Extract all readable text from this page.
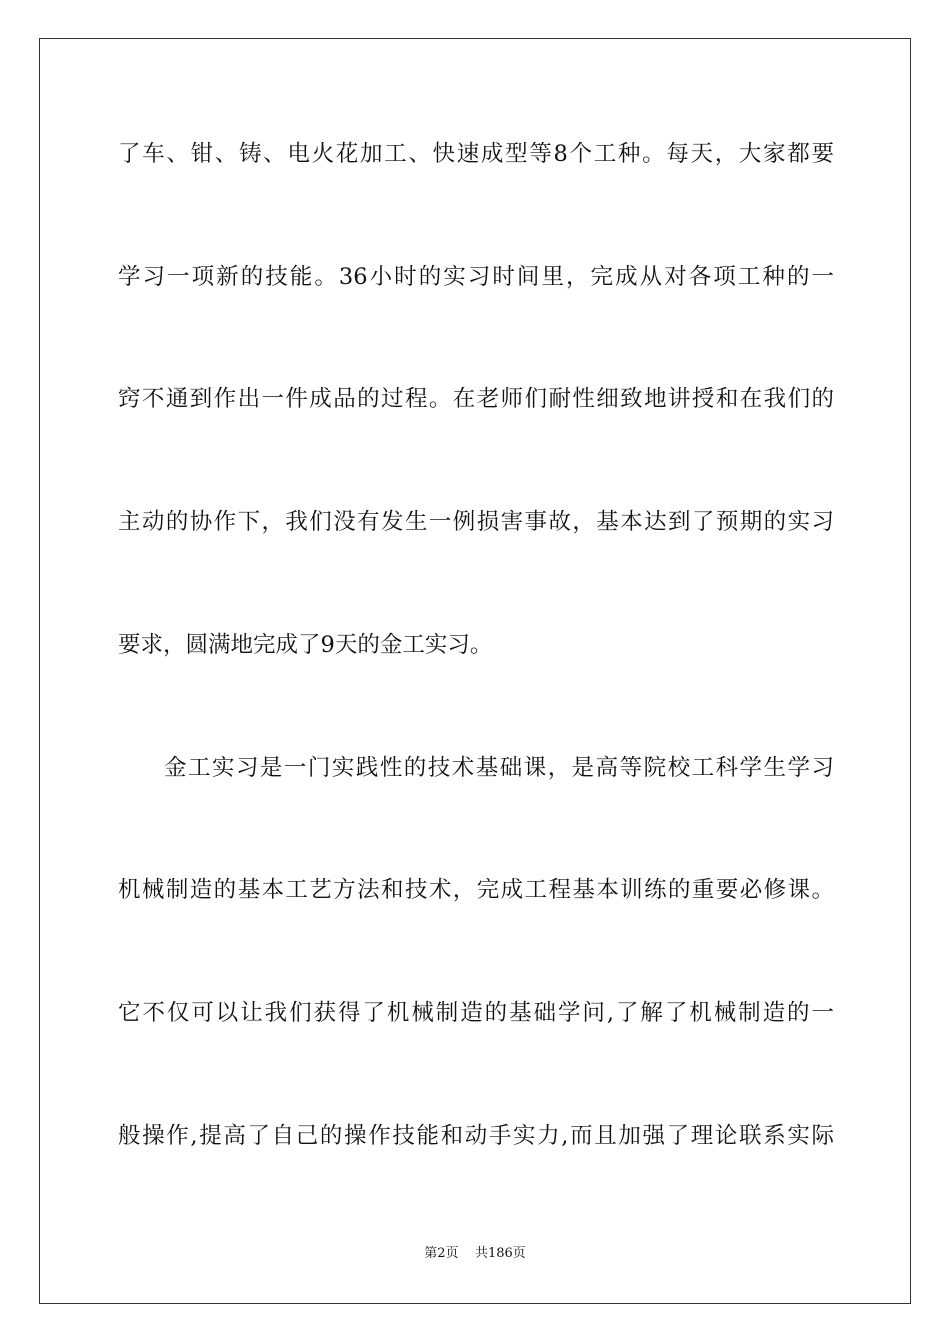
了车、钳、铸、电火花加工、快速成型等8个工种。每天，大家都要
学习一项新的技能。36小时的实习时间里，完成从对各项工种的一
窍不通到作出一件成品的过程。在老师们耐性细致地讲授和在我们的
主动的协作下，我们没有发生一例损害事故，基本达到了预期的实习
要求，圆满地完成了9天的金工实习。
金工实习是一门实践性的技术基础课，是高等院校工科学生学习
机械制造的基本工艺方法和技术，完成工程基本训练的重要必修课。
它不仅可以让我们获得了机械制造的基础学问,了解了机械制造的一
般操作,提高了自己的操作技能和动手实力,而且加强了理论联系实际
第2页    共186页
